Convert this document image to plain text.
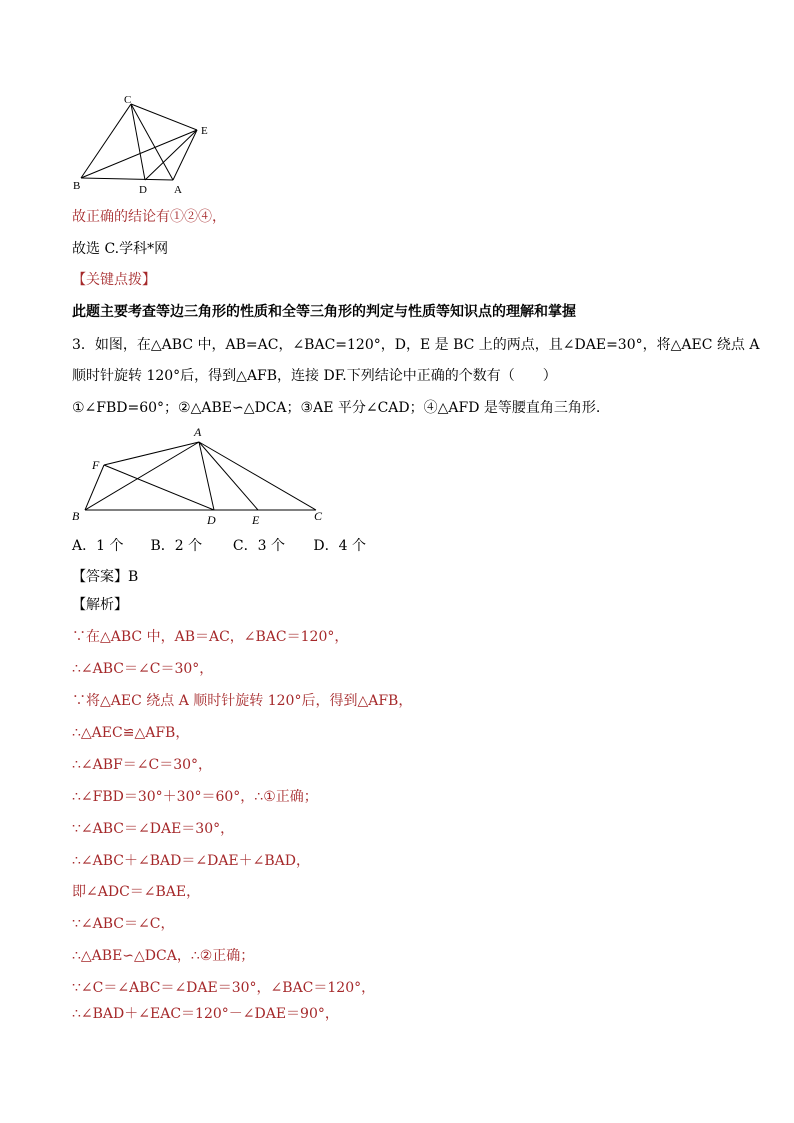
C
E
B	D A
故正确的结论有①②④，
故选 C.学科*网
【关键点拨】
此题主要考查等边三角形的性质和全等三角形的判定与性质等知识点的理解和掌握
3．如图，在△ABC 中，AB=AC，∠BAC=120°，D，E 是 BC 上的两点，且∠DAE=30°，将△AEC 绕点 A
顺时针旋转 120°后，得到△AFB，连接 DF.下列结论中正确的个数有（　　）
①∠FBD=60°；②△ABE∽△DCA；③AE 平分∠CAD；④△AFD 是等腰直角三角形.
A
F
B	D	E	C
A．1 个 B．2 个 C．3 个 D．4 个
【答案】B
【解析】
∵在△ABC 中，AB＝AC，∠BAC＝120°，
∴∠ABC＝∠C＝30°，
∵将△AEC 绕点 A 顺时针旋转 120°后，得到△AFB，
∴△AEC≌△AFB，
∴∠ABF＝∠C＝30°，
∴∠FBD＝30°＋30°＝60°，∴①正确；
∵∠ABC＝∠DAE＝30°，
∴∠ABC＋∠BAD＝∠DAE＋∠BAD，
即∠ADC＝∠BAE，
∵∠ABC＝∠C，
∴△ABE∽△DCA，∴②正确；
∵∠C＝∠ABC＝∠DAE＝30°，∠BAC＝120°，
∴∠BAD＋∠EAC＝120°－∠DAE＝90°，
